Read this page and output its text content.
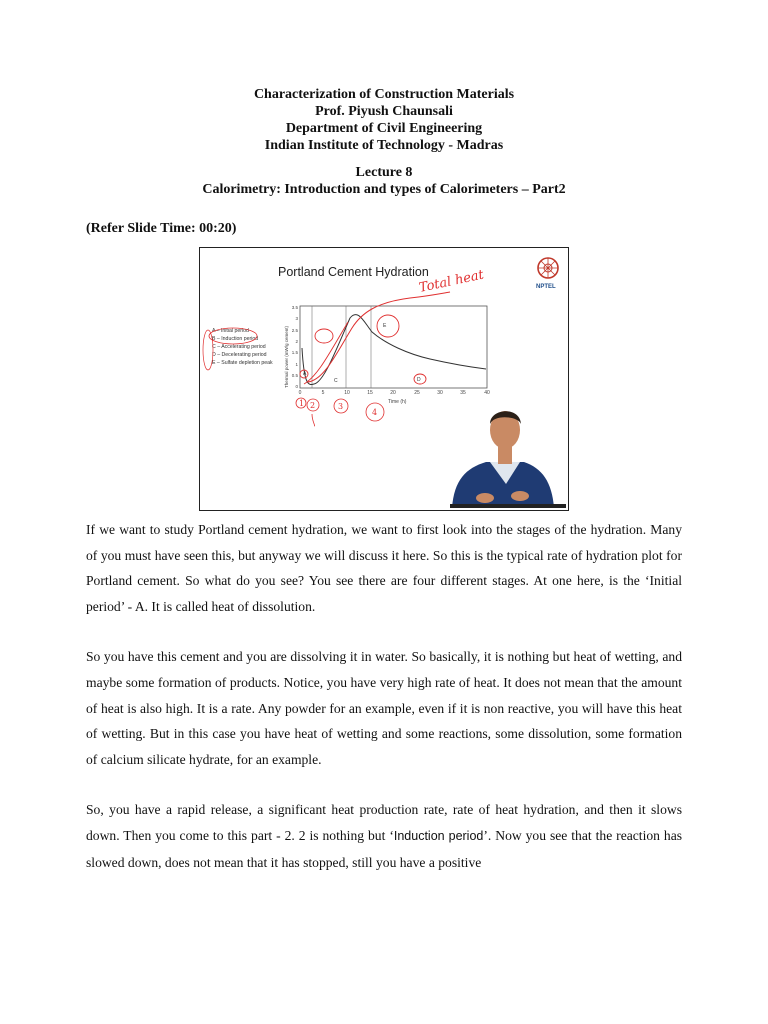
Characterization of Construction Materials
Prof. Piyush Chaunsali
Department of Civil Engineering
Indian Institute of Technology - Madras
Lecture 8
Calorimetry: Introduction and types of Calorimeters – Part2
(Refer Slide Time: 00:20)
Portland Cement Hydration
NPTEL
0
0.5
1
1.5
2
2.5
3
3.5
Thermal power (mW/g cement)
0	5	10	15	20	25	30	35	40
Time (h)
A
C	D
E
Total heat
A – Initial period
B – Induction period
C – Accelerating period
D – Decelerating period
E – Sulfate depletion peak
1 2	3
4

If we want to study Portland cement hydration, we want to first look into the stages of the hydration. Many of you must have seen this, but anyway we will discuss it here. So this is the typical rate of hydration plot for Portland cement. So what do you see? You see there are four different stages. At one here, is the ‘Initial period’ - A. It is called heat of dissolution.

So you have this cement and you are dissolving it in water. So basically, it is nothing but heat of wetting, and maybe some formation of products. Notice, you have very high rate of heat. It does not mean that the amount of heat is also high. It is a rate. Any powder for an example, even if it is non reactive, you will have this heat of wetting. But in this case you have heat of wetting and some reactions, some dissolution, some formation of calcium silicate hydrate, for an example.

So, you have a rapid release, a significant heat production rate, rate of heat hydration, and then it slows down. Then you come to this part - 2. 2 is nothing but ‘Induction period’. Now you see that the reaction has slowed down, does not mean that it has stopped, still you have a positive
